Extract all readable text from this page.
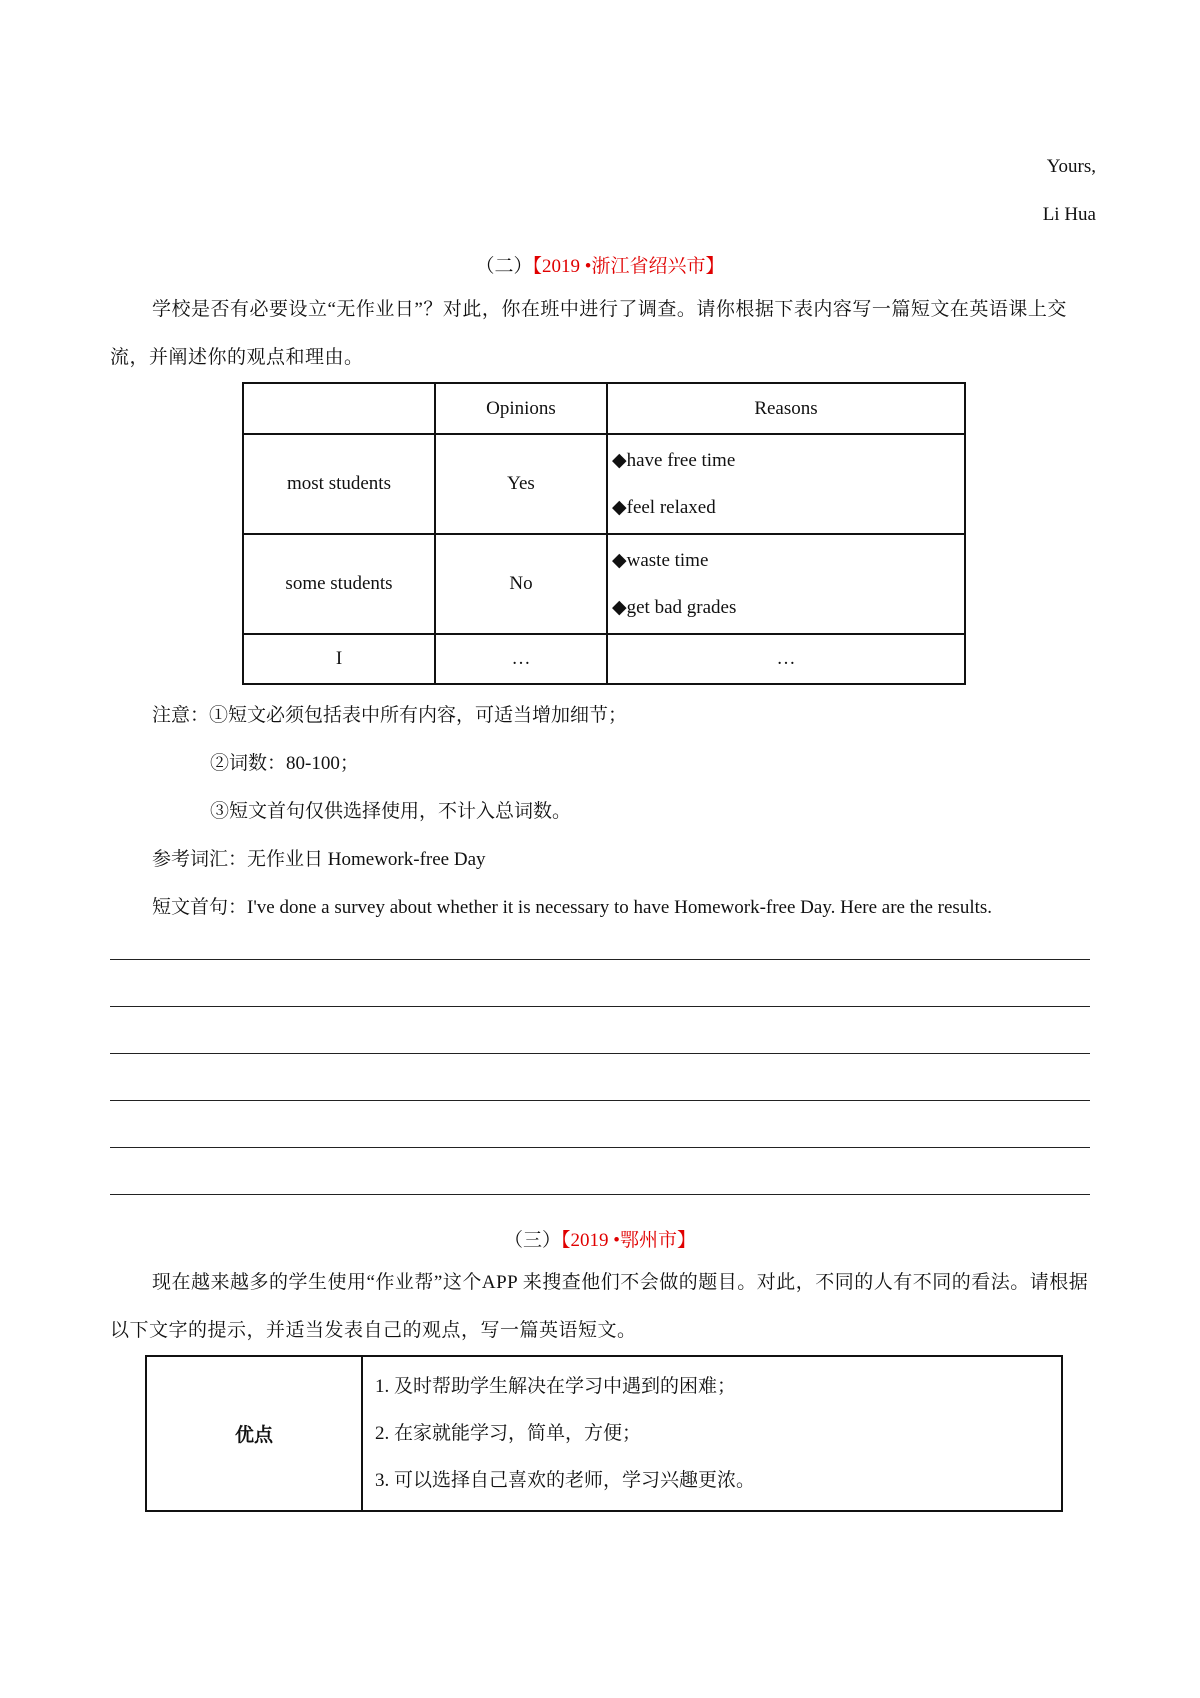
Yours,
Li Hua
（二）【2019 •浙江省绍兴市】
学校是否有必要设立“无作业日”？对此，你在班中进行了调查。请你根据下表内容写一篇短文在英语课上交流，并阐述你的观点和理由。
	Opinions	Reasons
most students	Yes	◆have free time
◆feel relaxed

some students	No	◆waste time
◆get bad grades

I	…	…
注意：①短文必须包括表中所有内容，可适当增加细节；
②词数：80-100；
③短文首句仅供选择使用，不计入总词数。
参考词汇：无作业日 Homework-free Day
短文首句：I've done a survey about whether it is necessary to have Homework-free Day. Here are the results.
（三）【2019 •鄂州市】
现在越来越多的学生使用“作业帮”这个APP 来搜查他们不会做的题目。对此，不同的人有不同的看法。请根据以下文字的提示，并适当发表自己的观点，写一篇英语短文。
优点	
1. 及时帮助学生解决在学习中遇到的困难；
2. 在家就能学习，简单，方便；
3. 可以选择自己喜欢的老师，学习兴趣更浓。
